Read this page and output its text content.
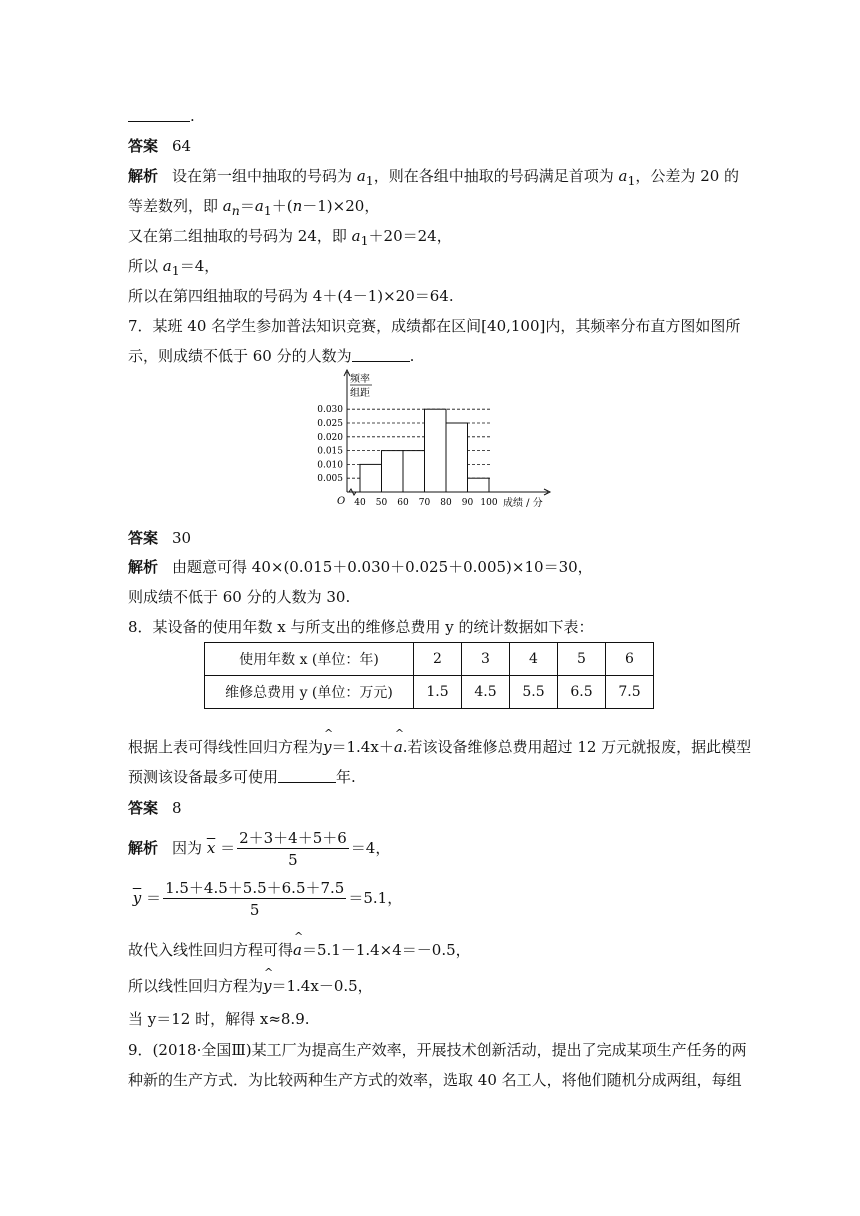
.
答案 64
解析 设在第一组中抽取的号码为 $a_1$，则在各组中抽取的号码满足首项为 $a_1$，公差为 20 的
等差数列，即 $a_n=a_1+(n-1)\times 20$，
又在第二组抽取的号码为 24，即 $a_1+20=24$，
所以 $a_1=4$，
所以在第四组抽取的号码为 4＋(4－1)×20＝64.
7．某班 40 名学生参加普法知识竞赛，成绩都在区间[40,100]内，其频率分布直方图如图所
示，则成绩不低于 60 分的人数为	.
频率
组距
0.030
0.025
0.020
0.015
0.010
0.005
40 50 60 70 80 90 100
O	成绩 / 分
答案 30
解析 由题意可得 40×(0.015＋0.030＋0.025＋0.005)×10＝30，
则成绩不低于 60 分的人数为 30.
8．某设备的使用年数 x 与所支出的维修总费用 y 的统计数据如下表：
使用年数 x (单位：年)	2	3	4	5	6
维修总费用 y (单位：万元)	1.5	4.5	5.5	6.5	7.5
根据上表可得线性回归方程为^ y＝1.4x＋^ a.若该设备维修总费用超过 12 万元就报废，据此模型
预测该设备最多可使用	年.
答案 8
解析 因为 $\overline{x} = \frac{2+3+4+5+6}{5} =4$，
$\overline{y} = \frac{1.5+4.5+5.5+6.5+7.5}{5} =5.1$，
故代入线性回归方程可得^ a＝5.1－1.4×4＝－0.5，
所以线性回归方程为^ y＝1.4x－0.5，
当 y＝12 时，解得 x≈8.9.
9．(2018·全国Ⅲ)某工厂为提高生产效率，开展技术创新活动，提出了完成某项生产任务的两
种新的生产方式．为比较两种生产方式的效率，选取 40 名工人，将他们随机分成两组，每组
